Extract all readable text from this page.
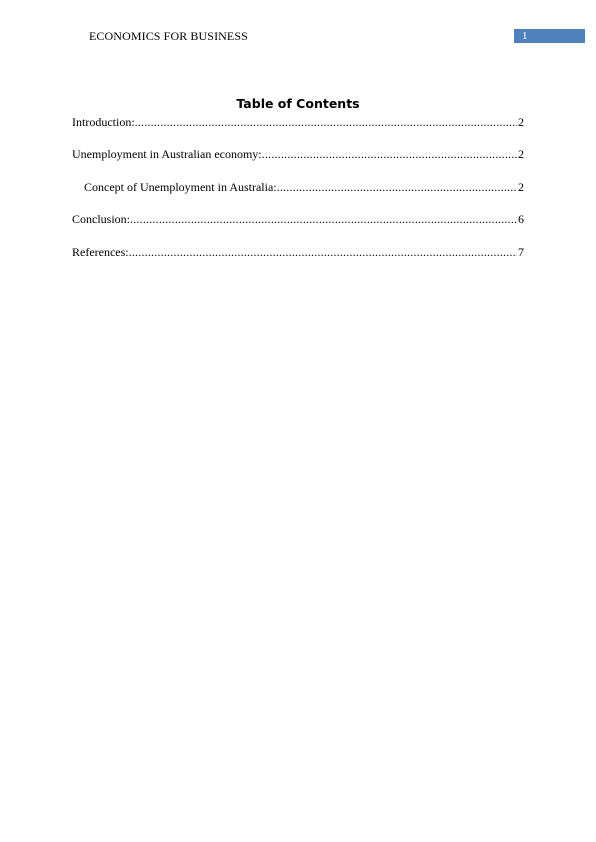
ECONOMICS FOR BUSINESS	1
Table of Contents
Introduction: .....	2
Unemployment in Australian economy: .....	2
Concept of Unemployment in Australia: .....	2
Conclusion: .....	6
References: .....	7
